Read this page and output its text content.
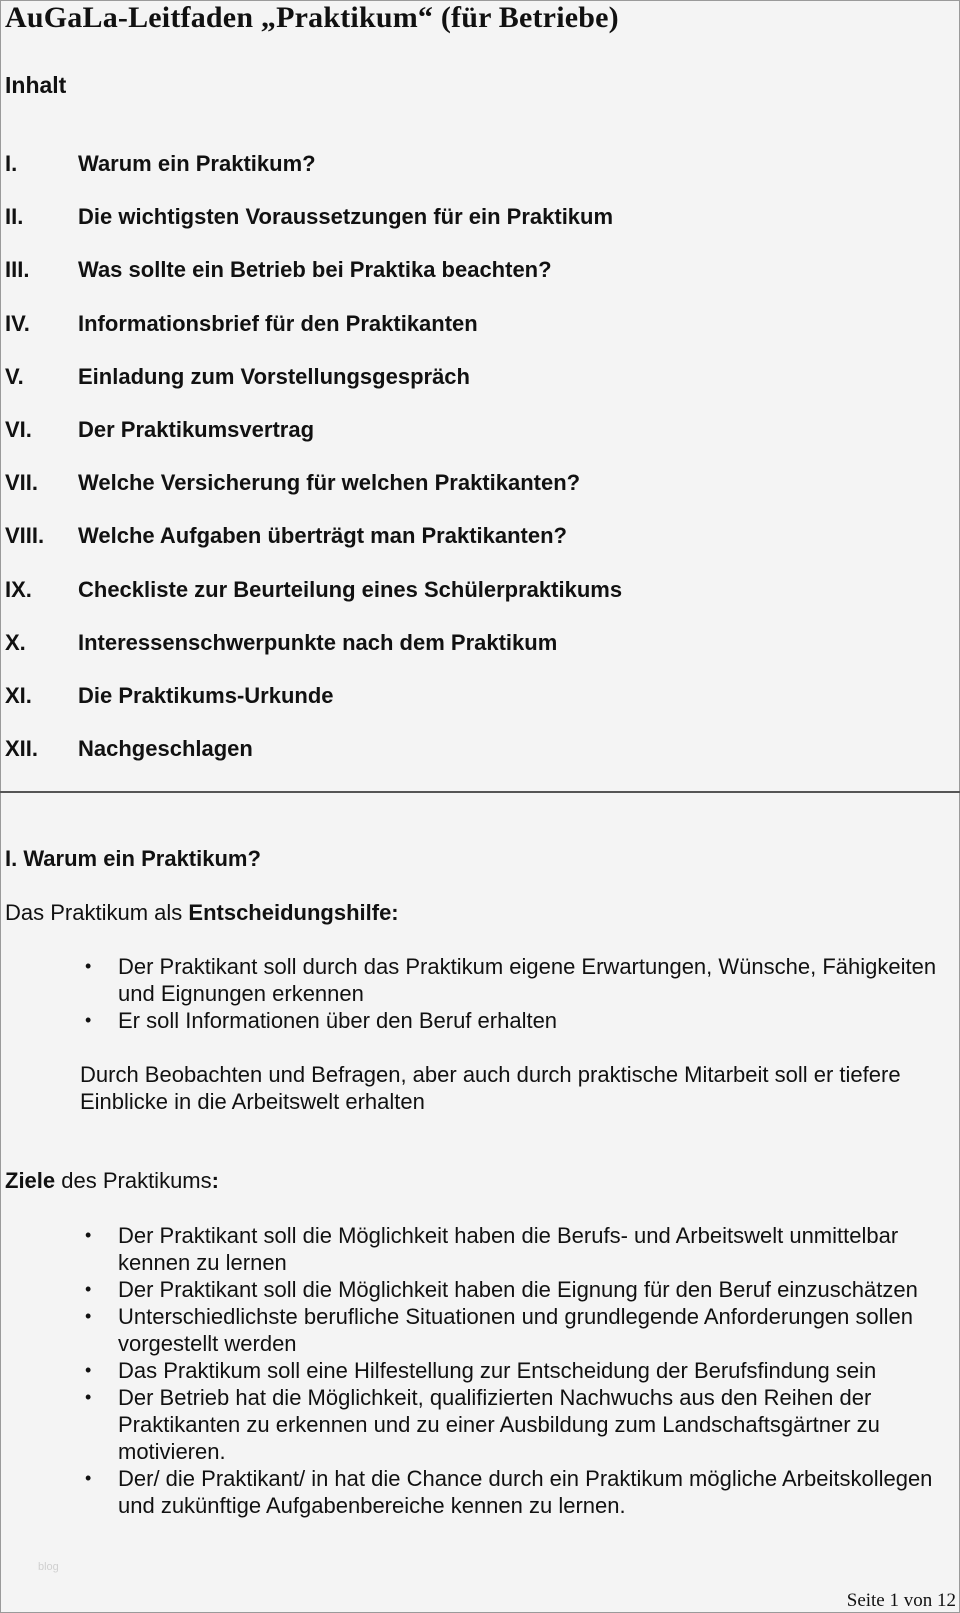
AuGaLa-Leitfaden „Praktikum“ (für Betriebe)
Inhalt
I.	Warum ein Praktikum?
II.	Die wichtigsten Voraussetzungen für ein Praktikum
III.	Was sollte ein Betrieb bei Praktika beachten?
IV.	Informationsbrief für den Praktikanten
V.	Einladung zum Vorstellungsgespräch
VI.	Der Praktikumsvertrag
VII.	Welche Versicherung für welchen Praktikanten?
VIII.	Welche Aufgaben überträgt man Praktikanten?
IX.	Checkliste zur Beurteilung eines Schülerpraktikums
X.	Interessenschwerpunkte nach dem Praktikum
XI.	Die Praktikums-Urkunde
XII.	Nachgeschlagen
I. Warum ein Praktikum?

Das Praktikum als Entscheidungshilfe:

• Der Praktikant soll durch das Praktikum eigene Erwartungen, Wünsche, Fähigkeiten und Eignungen erkennen
• Er soll Informationen über den Beruf erhalten

Durch Beobachten und Befragen, aber auch durch praktische Mitarbeit soll er tiefere Einblicke in die Arbeitswelt erhalten

Ziele des Praktikums:

• Der Praktikant soll die Möglichkeit haben die Berufs- und Arbeitswelt unmittelbar kennen zu lernen
• Der Praktikant soll die Möglichkeit haben die Eignung für den Beruf einzuschätzen
• Unterschiedlichste berufliche Situationen und grundlegende Anforderungen sollen vorgestellt werden
• Das Praktikum soll eine Hilfestellung zur Entscheidung der Berufsfindung sein
• Der Betrieb hat die Möglichkeit, qualifizierten Nachwuchs aus den Reihen der Praktikanten zu erkennen und zu einer Ausbildung zum Landschaftsgärtner zu motivieren.
• Der/ die Praktikant/ in hat die Chance durch ein Praktikum mögliche Arbeitskollegen und zukünftige Aufgabenbereiche kennen zu lernen.
blog
Seite 1 von 12
